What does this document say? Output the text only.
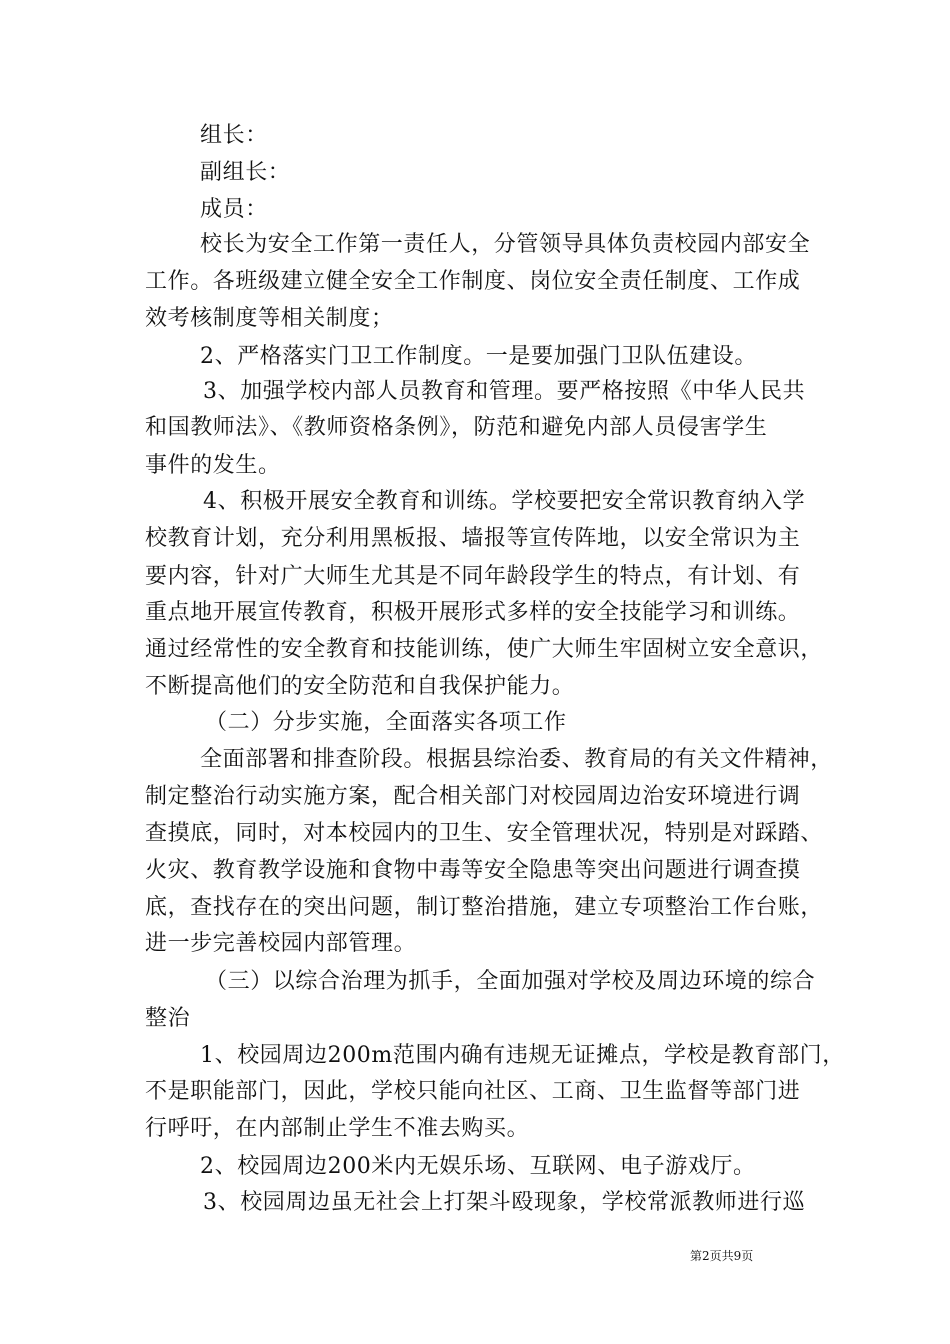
组长：
副组长：
成员：
校长为安全工作第一责任人，分管领导具体负责校园内部安全
工作。各班级建立健全安全工作制度、岗位安全责任制度、工作成
效考核制度等相关制度；
2、严格落实门卫工作制度。一是要加强门卫队伍建设。
3、加强学校内部人员教育和管理。要严格按照《中华人民共
和国教师法》、《教师资格条例》，防范和避免内部人员侵害学生
事件的发生。
4、积极开展安全教育和训练。学校要把安全常识教育纳入学
校教育计划，充分利用黑板报、墙报等宣传阵地，以安全常识为主
要内容，针对广大师生尤其是不同年龄段学生的特点，有计划、有
重点地开展宣传教育，积极开展形式多样的安全技能学习和训练。
通过经常性的安全教育和技能训练，使广大师生牢固树立安全意识，
不断提高他们的安全防范和自我保护能力。
（二）分步实施，全面落实各项工作
全面部署和排查阶段。根据县综治委、教育局的有关文件精神，
制定整治行动实施方案，配合相关部门对校园周边治安环境进行调
查摸底，同时，对本校园内的卫生、安全管理状况，特别是对踩踏、
火灾、教育教学设施和食物中毒等安全隐患等突出问题进行调查摸
底，查找存在的突出问题，制订整治措施，建立专项整治工作台账，
进一步完善校园内部管理。
（三）以综合治理为抓手，全面加强对学校及周边环境的综合
整治
1、校园周边200m范围内确有违规无证摊点，学校是教育部门，
不是职能部门，因此，学校只能向社区、工商、卫生监督等部门进
行呼吁，在内部制止学生不准去购买。
2、校园周边200米内无娱乐场、互联网、电子游戏厅。
3、校园周边虽无社会上打架斗殴现象，学校常派教师进行巡
第2页共9页
